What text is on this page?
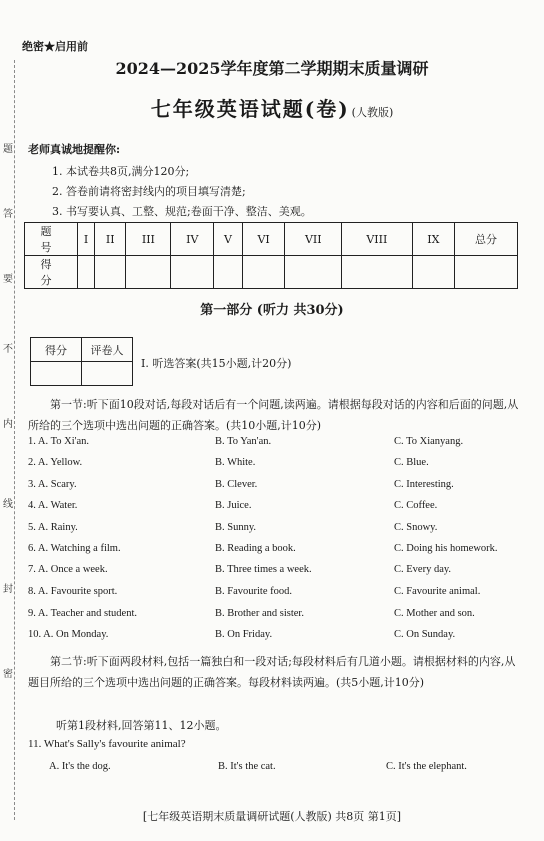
题
答
要
不
内
线
封
密
绝密★启用前
2024—2025学年度第二学期期末质量调研
七年级英语试题(卷) (人教版)
老师真诚地提醒你:
1. 本试卷共8页,满分120分;
2. 答卷前请将密封线内的项目填写清楚;
3. 书写要认真、工整、规范;卷面干净、整洁、美观。
题 号	I	II	III	IV	V	VI	VII	VIII	IX	总分
得 分										
第一部分 (听力 共30分)
得分	评卷人

I. 听选答案(共15小题,计20分)
第一节:听下面10段对话,每段对话后有一个问题,读两遍。请根据每段对话的内容和后面的问题,从所给的三个选项中选出问题的正确答案。(共10小题,计10分)
1. A. To Xi'an.	B. To Yan'an.	C. To Xianyang.
2. A. Yellow.	B. White.	C. Blue.
3. A. Scary.	B. Clever.	C. Interesting.
4. A. Water.	B. Juice.	C. Coffee.
5. A. Rainy.	B. Sunny.	C. Snowy.
6. A. Watching a film.	B. Reading a book.	C. Doing his homework.
7. A. Once a week.	B. Three times a week.	C. Every day.
8. A. Favourite sport.	B. Favourite food.	C. Favourite animal.
9. A. Teacher and student.	B. Brother and sister.	C. Mother and son.
10. A. On Monday.	B. On Friday.	C. On Sunday.
第二节:听下面两段材料,包括一篇独白和一段对话;每段材料后有几道小题。请根据材料的内容,从题目所给的三个选项中选出问题的正确答案。每段材料读两遍。(共5小题,计10分)
听第1段材料,回答第11、12小题。
11. What's Sally's favourite animal?
A. It's the dog.	B. It's the cat.	C. It's the elephant.
[七年级英语期末质量调研试题(人教版) 共8页 第1页]
